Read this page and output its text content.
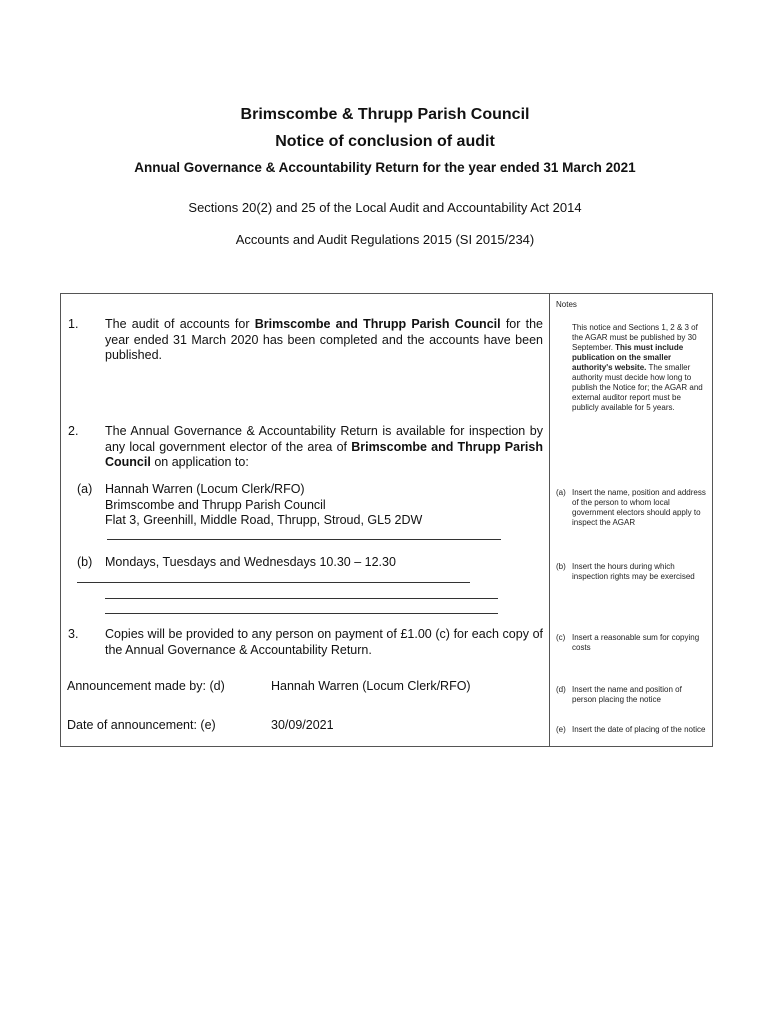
Brimscombe & Thrupp Parish Council
Notice of conclusion of audit
Annual Governance & Accountability Return for the year ended 31 March 2021
Sections 20(2) and 25 of the Local Audit and Accountability Act 2014
Accounts and Audit Regulations 2015 (SI 2015/234)
1. The audit of accounts for Brimscombe and Thrupp Parish Council for the year ended 31 March 2020 has been completed and the accounts have been published.
2. The Annual Governance & Accountability Return is available for inspection by any local government elector of the area of Brimscombe and Thrupp Parish Council on application to:
(a) Hannah Warren (Locum Clerk/RFO)
Brimscombe and Thrupp Parish Council
Flat 3, Greenhill, Middle Road, Thrupp, Stroud, GL5 2DW
(b) Mondays, Tuesdays and Wednesdays 10.30 – 12.30
3. Copies will be provided to any person on payment of £1.00 (c) for each copy of the Annual Governance & Accountability Return.
Announcement made by: (d)	Hannah Warren (Locum Clerk/RFO)
Date of announcement: (e)	30/09/2021
Notes
This notice and Sections 1, 2 & 3 of the AGAR must be published by 30 September. This must include publication on the smaller authority's website. The smaller authority must decide how long to publish the Notice for; the AGAR and external auditor report must be publicly available for 5 years.
(a) Insert the name, position and address of the person to whom local government electors should apply to inspect the AGAR
(b) Insert the hours during which inspection rights may be exercised
(c) Insert a reasonable sum for copying costs
(d) Insert the name and position of person placing the notice
(e) Insert the date of placing of the notice
